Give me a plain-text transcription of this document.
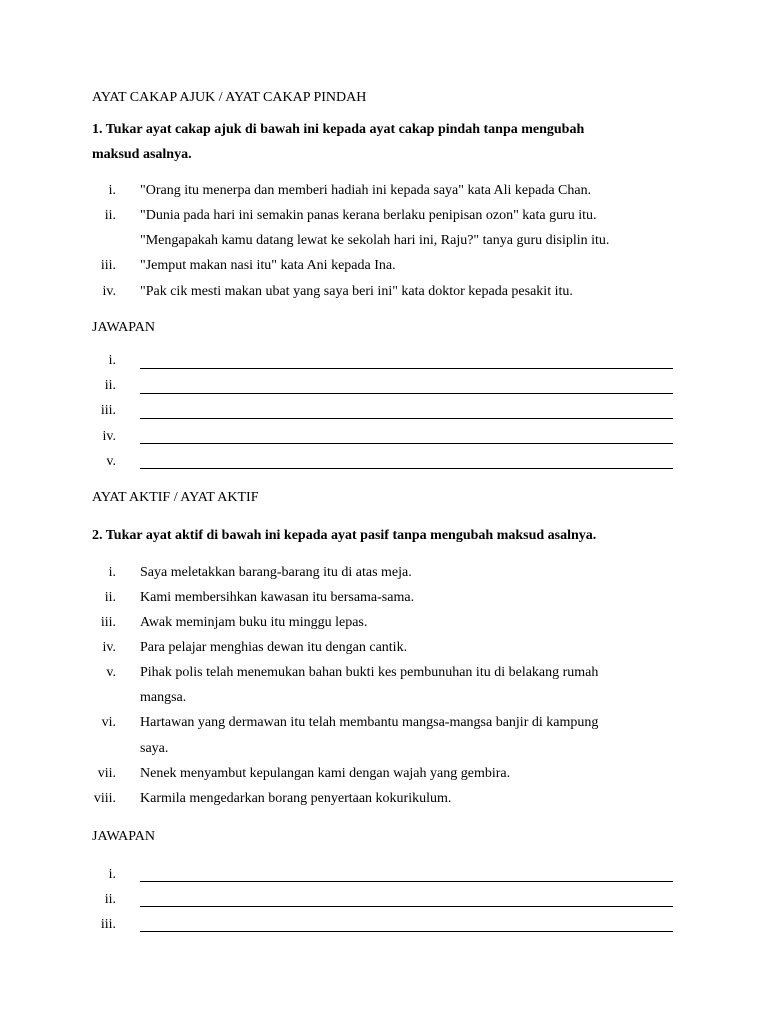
AYAT CAKAP AJUK / AYAT CAKAP PINDAH
1. Tukar ayat cakap ajuk di bawah ini kepada ayat cakap pindah tanpa mengubah
maksud asalnya.
i. "Orang itu menerpa dan memberi hadiah ini kepada saya" kata Ali kepada Chan.
ii. "Dunia pada hari ini semakin panas kerana berlaku penipisan ozon" kata guru itu.
"Mengapakah kamu datang lewat ke sekolah hari ini, Raju?" tanya guru disiplin itu.
iii. "Jemput makan nasi itu" kata Ani kepada Ina.
iv. "Pak cik mesti makan ubat yang saya beri ini" kata doktor kepada pesakit itu.
JAWAPAN
i.
ii.
iii.
iv.
v.
AYAT AKTIF / AYAT AKTIF
2. Tukar ayat aktif di bawah ini kepada ayat pasif tanpa mengubah maksud asalnya.
i. Saya meletakkan barang-barang itu di atas meja.
ii. Kami membersihkan kawasan itu bersama-sama.
iii. Awak meminjam buku itu minggu lepas.
iv. Para pelajar menghias dewan itu dengan cantik.
v. Pihak polis telah menemukan bahan bukti kes pembunuhan itu di belakang rumah
mangsa.
vi. Hartawan yang dermawan itu telah membantu mangsa-mangsa banjir di kampung
saya.
vii. Nenek menyambut kepulangan kami dengan wajah yang gembira.
viii. Karmila mengedarkan borang penyertaan kokurikulum.
JAWAPAN
i.
ii.
iii.
